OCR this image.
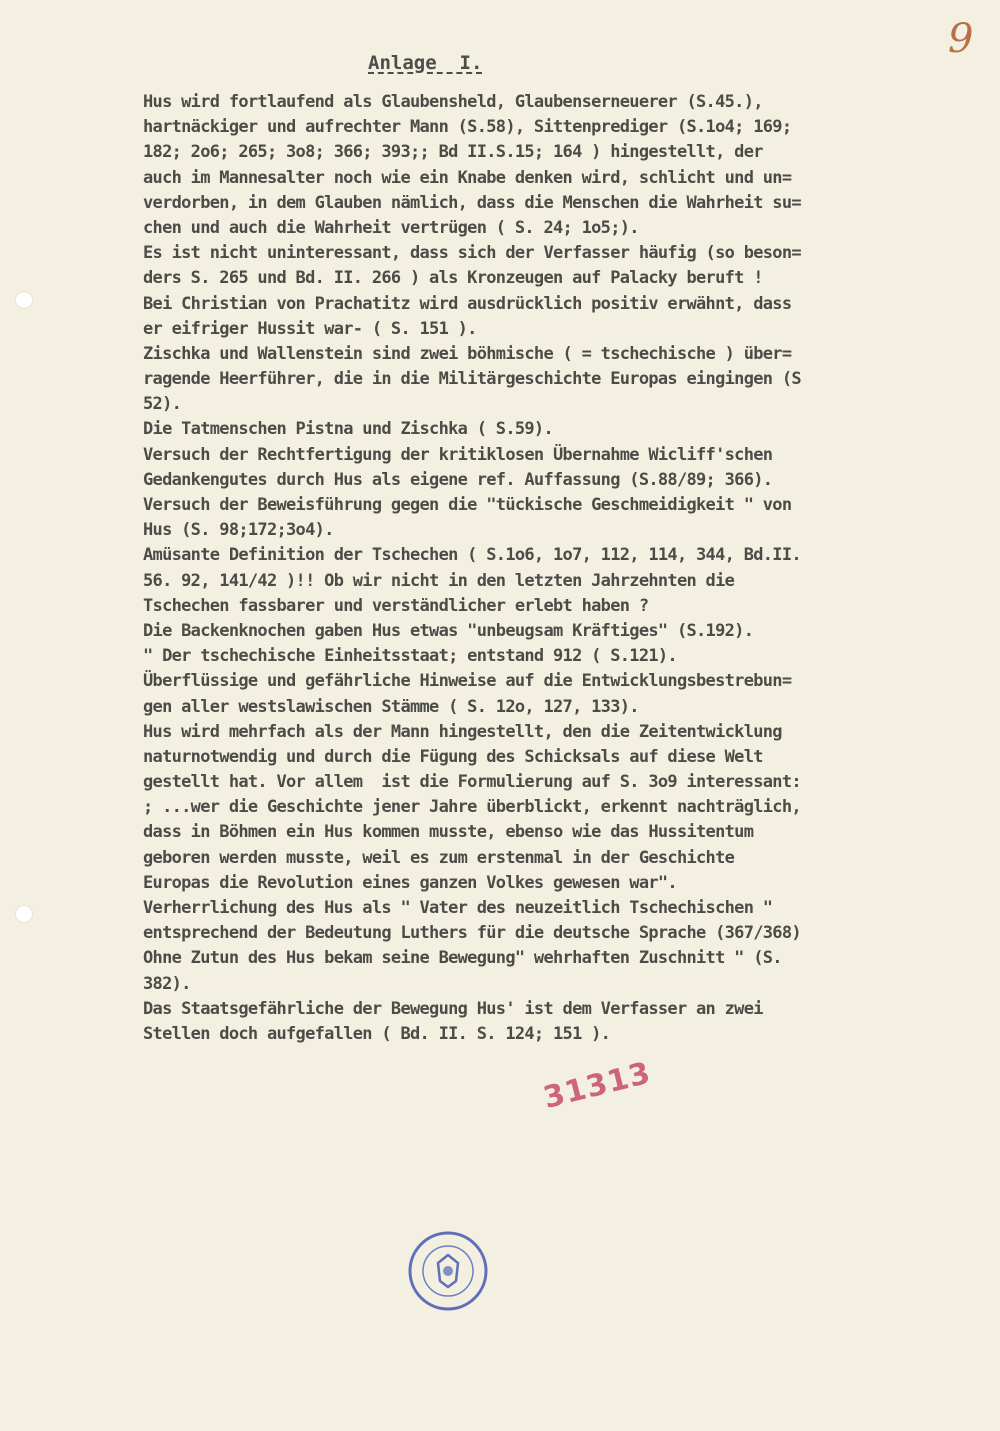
9
Anlage  I.
Hus wird fortlaufend als Glaubensheld, Glaubenserneuerer (S.45.),
hartnäckiger und aufrechter Mann (S.58), Sittenprediger (S.1o4; 169;
182; 2o6; 265; 3o8; 366; 393;; Bd II.S.15; 164 ) hingestellt, der
auch im Mannesalter noch wie ein Knabe denken wird, schlicht und un=
verdorben, in dem Glauben nämlich, dass die Menschen die Wahrheit su=
chen und auch die Wahrheit vertrügen ( S. 24; 1o5;).
Es ist nicht uninteressant, dass sich der Verfasser häufig (so beson=
ders S. 265 und Bd. II. 266 ) als Kronzeugen auf Palacky beruft !
Bei Christian von Prachatitz wird ausdrücklich positiv erwähnt, dass
er eifriger Hussit war- ( S. 151 ).
Zischka und Wallenstein sind zwei böhmische ( = tschechische ) über=
ragende Heerführer, die in die Militärgeschichte Europas eingingen (S
52).
Die Tatmenschen Pistna und Zischka ( S.59).
Versuch der Rechtfertigung der kritiklosen Übernahme Wicliff'schen
Gedankengutes durch Hus als eigene ref. Auffassung (S.88/89; 366).
Versuch der Beweisführung gegen die "tückische Geschmeidigkeit " von
Hus (S. 98;172;3o4).
Amüsante Definition der Tschechen ( S.1o6, 1o7, 112, 114, 344, Bd.II.
56. 92, 141/42 )!! Ob wir nicht in den letzten Jahrzehnten die
Tschechen fassbarer und verständlicher erlebt haben ?
Die Backenknochen gaben Hus etwas "unbeugsam Kräftiges" (S.192).
" Der tschechische Einheitsstaat; entstand 912 ( S.121).
Überflüssige und gefährliche Hinweise auf die Entwicklungsbestrebun=
gen aller westslawischen Stämme ( S. 12o, 127, 133).
Hus wird mehrfach als der Mann hingestellt, den die Zeitentwicklung
naturnotwendig und durch die Fügung des Schicksals auf diese Welt
gestellt hat. Vor allem  ist die Formulierung auf S. 3o9 interessant:
; ...wer die Geschichte jener Jahre überblickt, erkennt nachträglich,
dass in Böhmen ein Hus kommen musste, ebenso wie das Hussitentum
geboren werden musste, weil es zum erstenmal in der Geschichte
Europas die Revolution eines ganzen Volkes gewesen war".
Verherrlichung des Hus als " Vater des neuzeitlich Tschechischen "
entsprechend der Bedeutung Luthers für die deutsche Sprache (367/368)
Ohne Zutun des Hus bekam seine Bewegung" wehrhaften Zuschnitt " (S.
382).
Das Staatsgefährliche der Bewegung Hus' ist dem Verfasser an zwei
Stellen doch aufgefallen ( Bd. II. S. 124; 151 ).
31313
